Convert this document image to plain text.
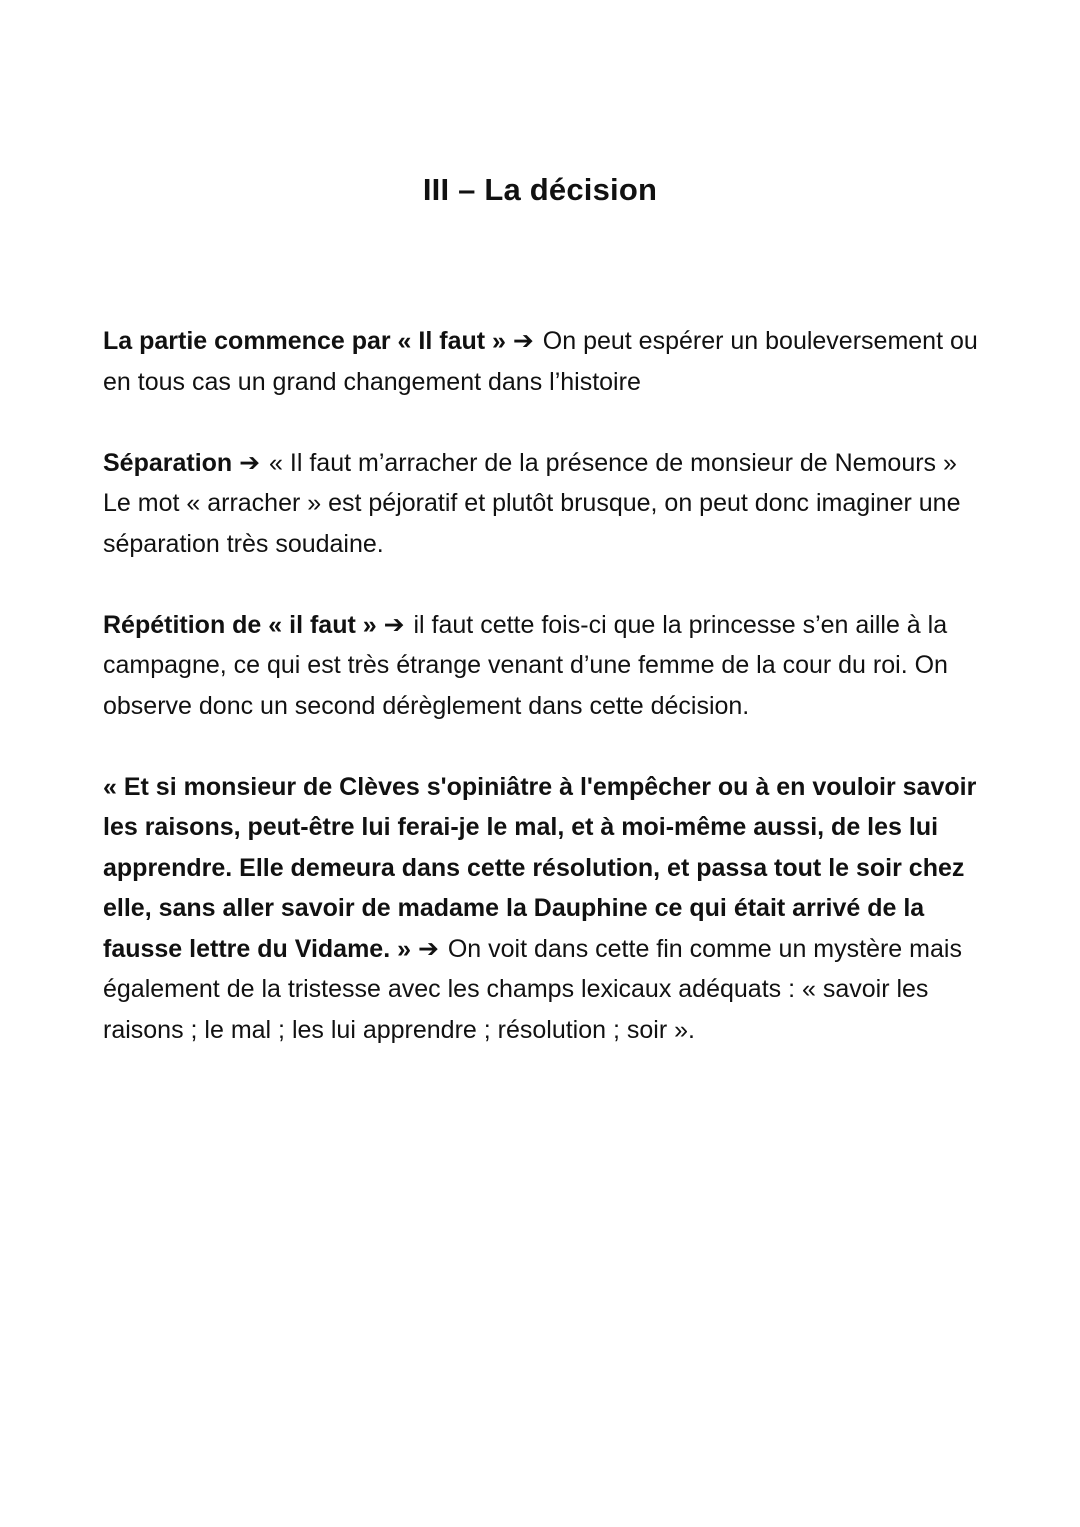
III – La décision

La partie commence par « Il faut » ➔ On peut espérer un bouleversement ou en tous cas un grand changement dans l’histoire

Séparation ➔ « Il faut m’arracher de la présence de monsieur de Nemours »
Le mot « arracher » est péjoratif et plutôt brusque, on peut donc imaginer une séparation très soudaine.

Répétition de « il faut » ➔ il faut cette fois-ci que la princesse s’en aille à la campagne, ce qui est très étrange venant d’une femme de la cour du roi. On observe donc un second dérèglement dans cette décision.

« Et si monsieur de Clèves s'opiniâtre à l'empêcher ou à en vouloir savoir les raisons, peut-être lui ferai-je le mal, et à moi-même aussi, de les lui apprendre. Elle demeura dans cette résolution, et passa tout le soir chez elle, sans aller savoir de madame la Dauphine ce qui était arrivé de la fausse lettre du Vidame. » ➔ On voit dans cette fin comme un mystère mais également de la tristesse avec les champs lexicaux adéquats : « savoir les raisons ; le mal ; les lui apprendre ; résolution ; soir ».
